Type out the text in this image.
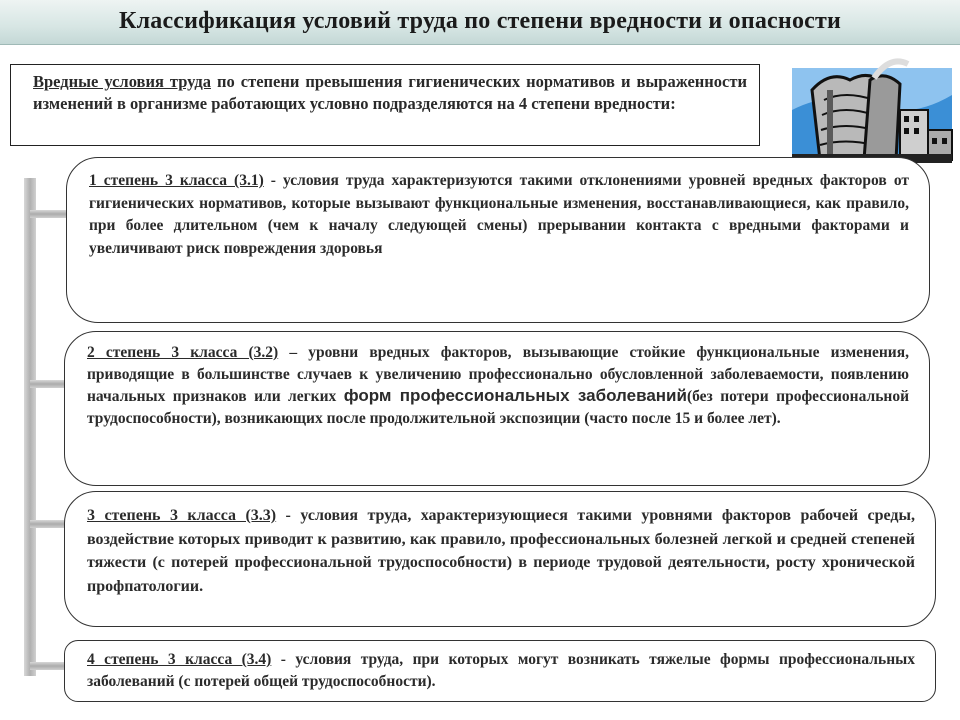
Классификация условий труда по степени вредности и опасности

Вредные условия труда по степени превышения гигиенических нормативов и выраженности изменений в организме работающих условно подразделяются на 4 степени вредности:

1 степень 3 класса (3.1) - условия труда характеризуются такими отклонениями уровней вредных факторов от гигиенических нормативов, которые вызывают функциональные изменения, восстанавливающиеся, как правило, при более длительном (чем к началу следующей смены) прерывании контакта с вредными факторами и увеличивают риск повреждения здоровья

2 степень 3 класса (3.2) – уровни вредных факторов, вызывающие стойкие функциональные изменения, приводящие в большинстве случаев к увеличению профессионально обусловленной заболеваемости, появлению начальных признаков или легких форм профессиональных заболеваний(без потери профессиональной трудоспособности), возникающих после продолжительной экспозиции (часто после 15 и более лет).

3 степень 3 класса (3.3) - условия труда, характеризующиеся такими уровнями факторов рабочей среды, воздействие которых приводит к развитию, как правило, профессиональных болезней легкой и средней степеней тяжести (с потерей профессиональной трудоспособности) в периоде трудовой деятельности, росту хронической профпатологии.

4 степень 3 класса (3.4) - условия труда, при которых могут возникать тяжелые формы профессиональных заболеваний (с потерей общей трудоспособности).
